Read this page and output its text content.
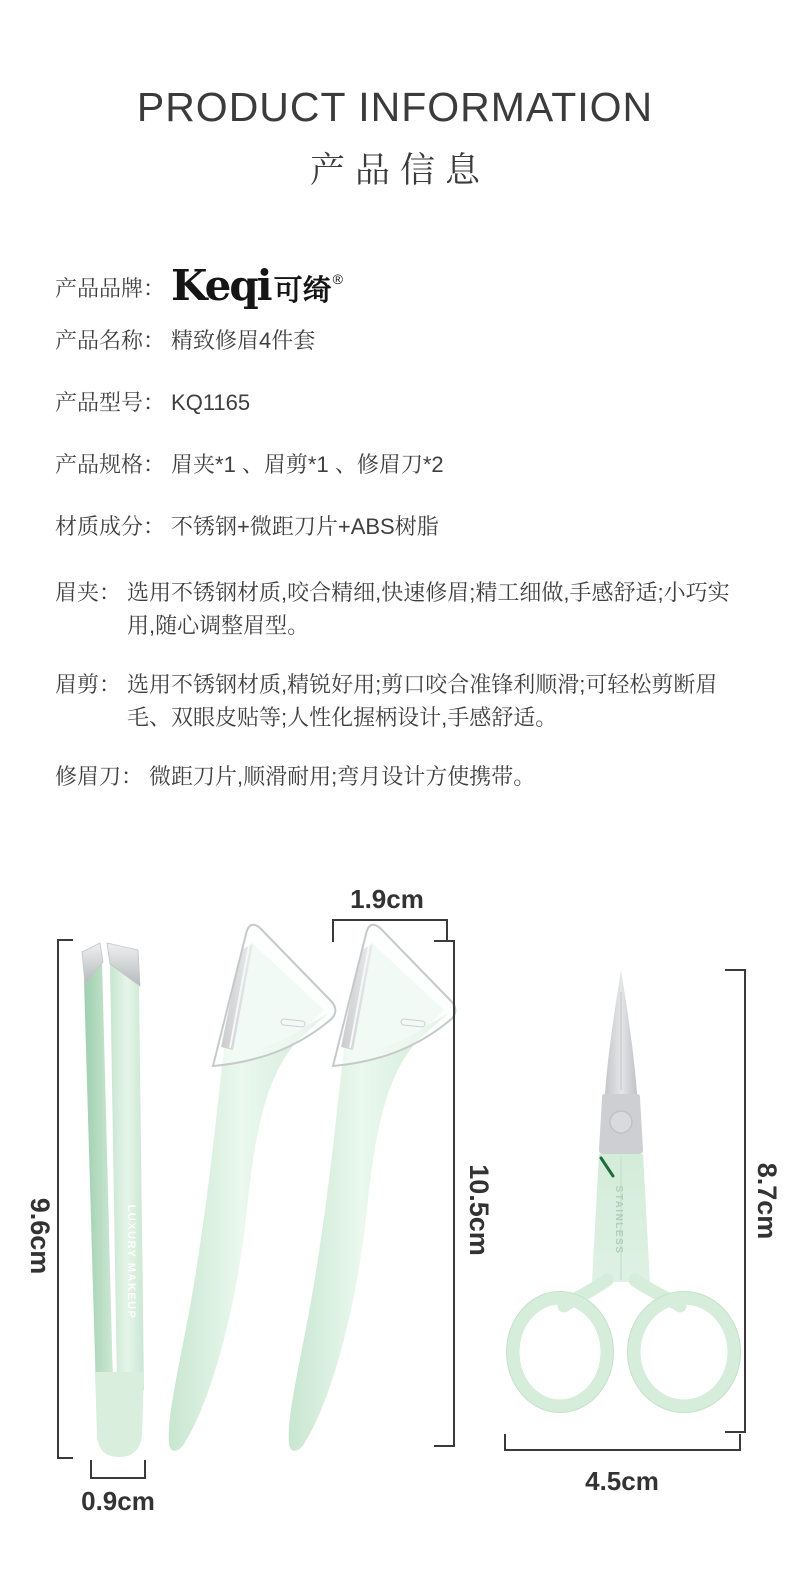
PRODUCT INFORMATION
产品信息
产品品牌： Keqi 可绮 ®
产品名称： 精致修眉4件套
产品型号： KQ1165
产品规格： 眉夹*1 、眉剪*1 、修眉刀*2
材质成分： 不锈钢+微距刀片+ABS树脂
眉夹： 选用不锈钢材质,咬合精细,快速修眉;精工细做,手感舒适;小巧实用,随心调整眉型。
眉剪： 选用不锈钢材质,精锐好用;剪口咬合准锋利顺滑;可轻松剪断眉毛、双眼皮贴等;人性化握柄设计,手感舒适。
修眉刀： 微距刀片,顺滑耐用;弯月设计方使携带。
LUXURY MAKEUP	STAINLESS
9.6cm
0.9cm
1.9cm
10.5cm	8.7cm
4.5cm
